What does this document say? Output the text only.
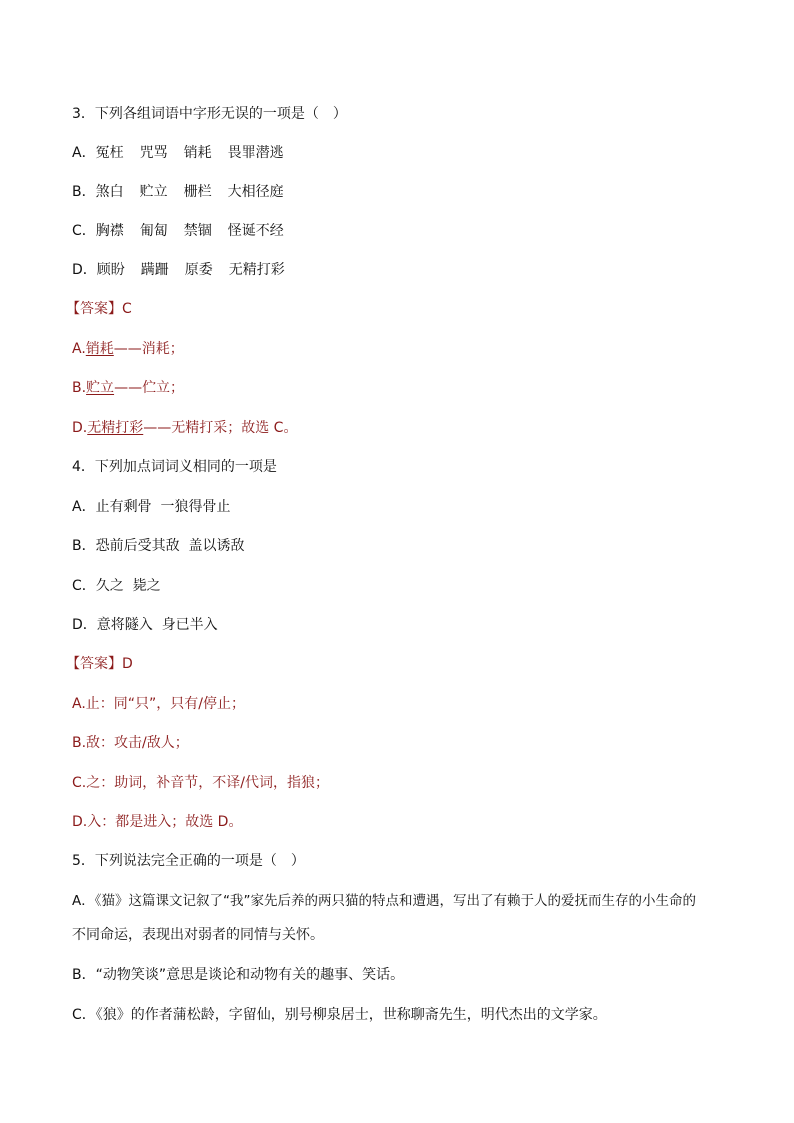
3．下列各组词语中字形无误的一项是（　）
A．冤枉 咒骂 销耗 畏罪潜逃
B．煞白 贮立 栅栏 大相径庭
C．胸襟 匍匐 禁锢 怪诞不经
D．顾盼 蹒跚 原委 无精打彩
【答案】C
A.销耗——消耗；
B.贮立——伫立；
D.无精打彩——无精打采；故选 C。
4．下列加点词词义相同的一项是
A．止有剩骨 一狼得骨止
B．恐前后受其敌 盖以诱敌
C．久之 毙之
D．意将隧入 身已半入
【答案】D
A.止：同“只”，只有/停止；
B.敌：攻击/敌人；
C.之：助词，补音节，不译/代词，指狼；
D.入：都是进入；故选 D。
5．下列说法完全正确的一项是（　）
A．《猫》这篇课文记叙了“我”家先后养的两只猫的特点和遭遇，写出了有赖于人的爱抚而生存的小生命的
不同命运，表现出对弱者的同情与关怀。
B．“动物笑谈”意思是谈论和动物有关的趣事、笑话。
C．《狼》的作者蒲松龄，字留仙，别号柳泉居士，世称聊斋先生，明代杰出的文学家。
